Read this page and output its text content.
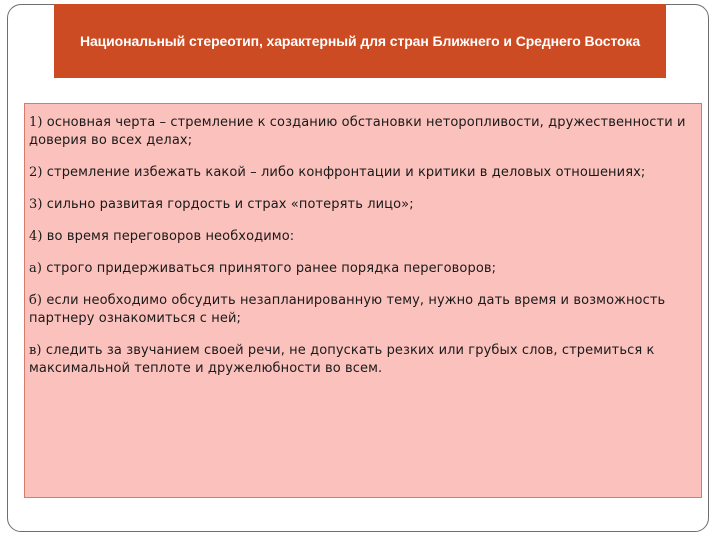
Национальный стереотип, характерный для стран Ближнего и Среднего Востока

1) основная черта – стремление к созданию обстановки неторопливости, дружественности и доверия во всех делах;

2) стремление избежать какой – либо конфронтации и критики в деловых отношениях;

3) сильно развитая гордость и страх «потерять лицо»;

4) во время переговоров необходимо:

а) строго придерживаться принятого ранее порядка переговоров;

б) если необходимо обсудить незапланированную тему, нужно дать время и возможность партнеру ознакомиться с ней;

в) следить за звучанием своей речи, не допускать резких или грубых слов, стремиться к максимальной теплоте и дружелюбности во всем.
